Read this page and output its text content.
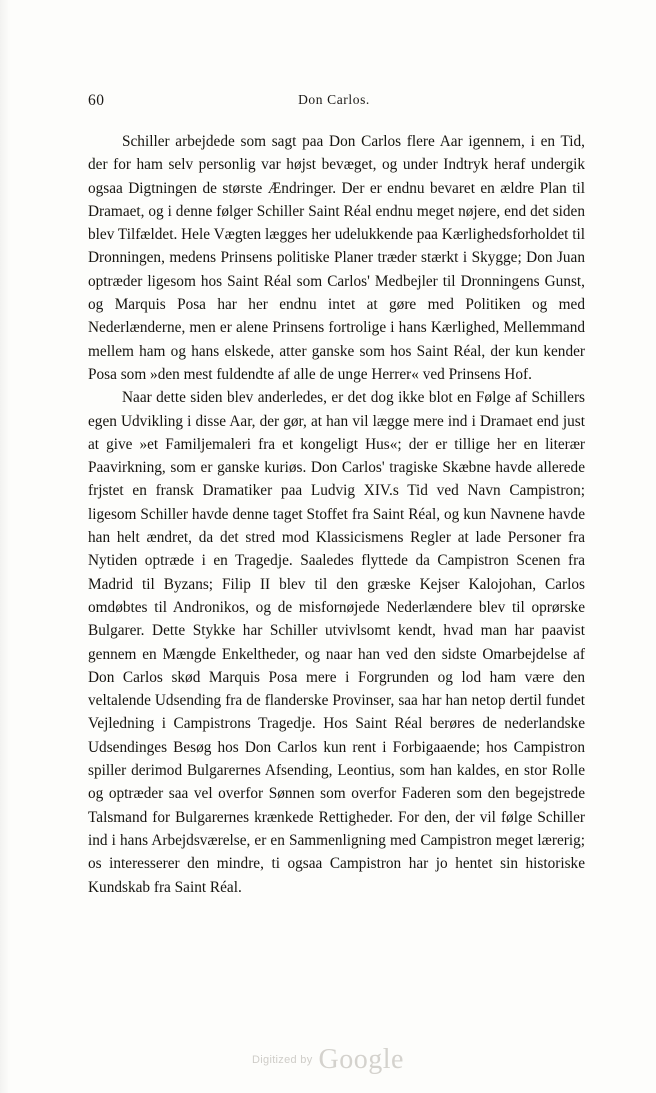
60	Don Carlos.

Schiller arbejdede som sagt paa Don Carlos flere Aar igennem, i en Tid, der for ham selv personlig var højst bevæget, og under Indtryk heraf undergik ogsaa Digtningen de største Ændringer. Der er endnu bevaret en ældre Plan til Dramaet, og i denne følger Schiller Saint Réal endnu meget nøjere, end det siden blev Tilfældet. Hele Vægten lægges her udelukkende paa Kærlighedsforholdet til Dronningen, medens Prinsens politiske Planer træder stærkt i Skygge; Don Juan optræder ligesom hos Saint Réal som Carlos' Medbejler til Dronningens Gunst, og Marquis Posa har her endnu intet at gøre med Politiken og med Nederlænderne, men er alene Prinsens fortrolige i hans Kærlighed, Mellemmand mellem ham og hans elskede, atter ganske som hos Saint Réal, der kun kender Posa som »den mest fuldendte af alle de unge Herrer« ved Prinsens Hof.

Naar dette siden blev anderledes, er det dog ikke blot en Følge af Schillers egen Udvikling i disse Aar, der gør, at han vil lægge mere ind i Dramaet end just at give »et Familjemaleri fra et kongeligt Hus«; der er tillige her en literær Paavirkning, som er ganske kuriøs. Don Carlos' tragiske Skæbne havde allerede frjstet en fransk Dramatiker paa Ludvig XIV.s Tid ved Navn Campistron; ligesom Schiller havde denne taget Stoffet fra Saint Réal, og kun Navnene havde han helt ændret, da det stred mod Klassicismens Regler at lade Personer fra Nytiden optræde i en Tragedje. Saaledes flyttede da Campistron Scenen fra Madrid til Byzans; Filip II blev til den græske Kejser Kalojohan, Carlos omdøbtes til Andronikos, og de misfornøjede Nederlændere blev til oprørske Bulgarer. Dette Stykke har Schiller utvivlsomt kendt, hvad man har paavist gennem en Mængde Enkeltheder, og naar han ved den sidste Omarbejdelse af Don Carlos skød Marquis Posa mere i Forgrunden og lod ham være den veltalende Udsending fra de flanderske Provinser, saa har han netop dertil fundet Vejledning i Campistrons Tragedje. Hos Saint Réal berøres de nederlandske Udsendinges Besøg hos Don Carlos kun rent i Forbigaaende; hos Campistron spiller derimod Bulgarernes Afsending, Leontius, som han kaldes, en stor Rolle og optræder saa vel overfor Sønnen som overfor Faderen som den begejstrede Talsmand for Bulgarernes krænkede Rettigheder. For den, der vil følge Schiller ind i hans Arbejdsværelse, er en Sammenligning med Campistron meget lærerig; os interesserer den mindre, ti ogsaa Campistron har jo hentet sin historiske Kundskab fra Saint Réal.

Digitized by Google
